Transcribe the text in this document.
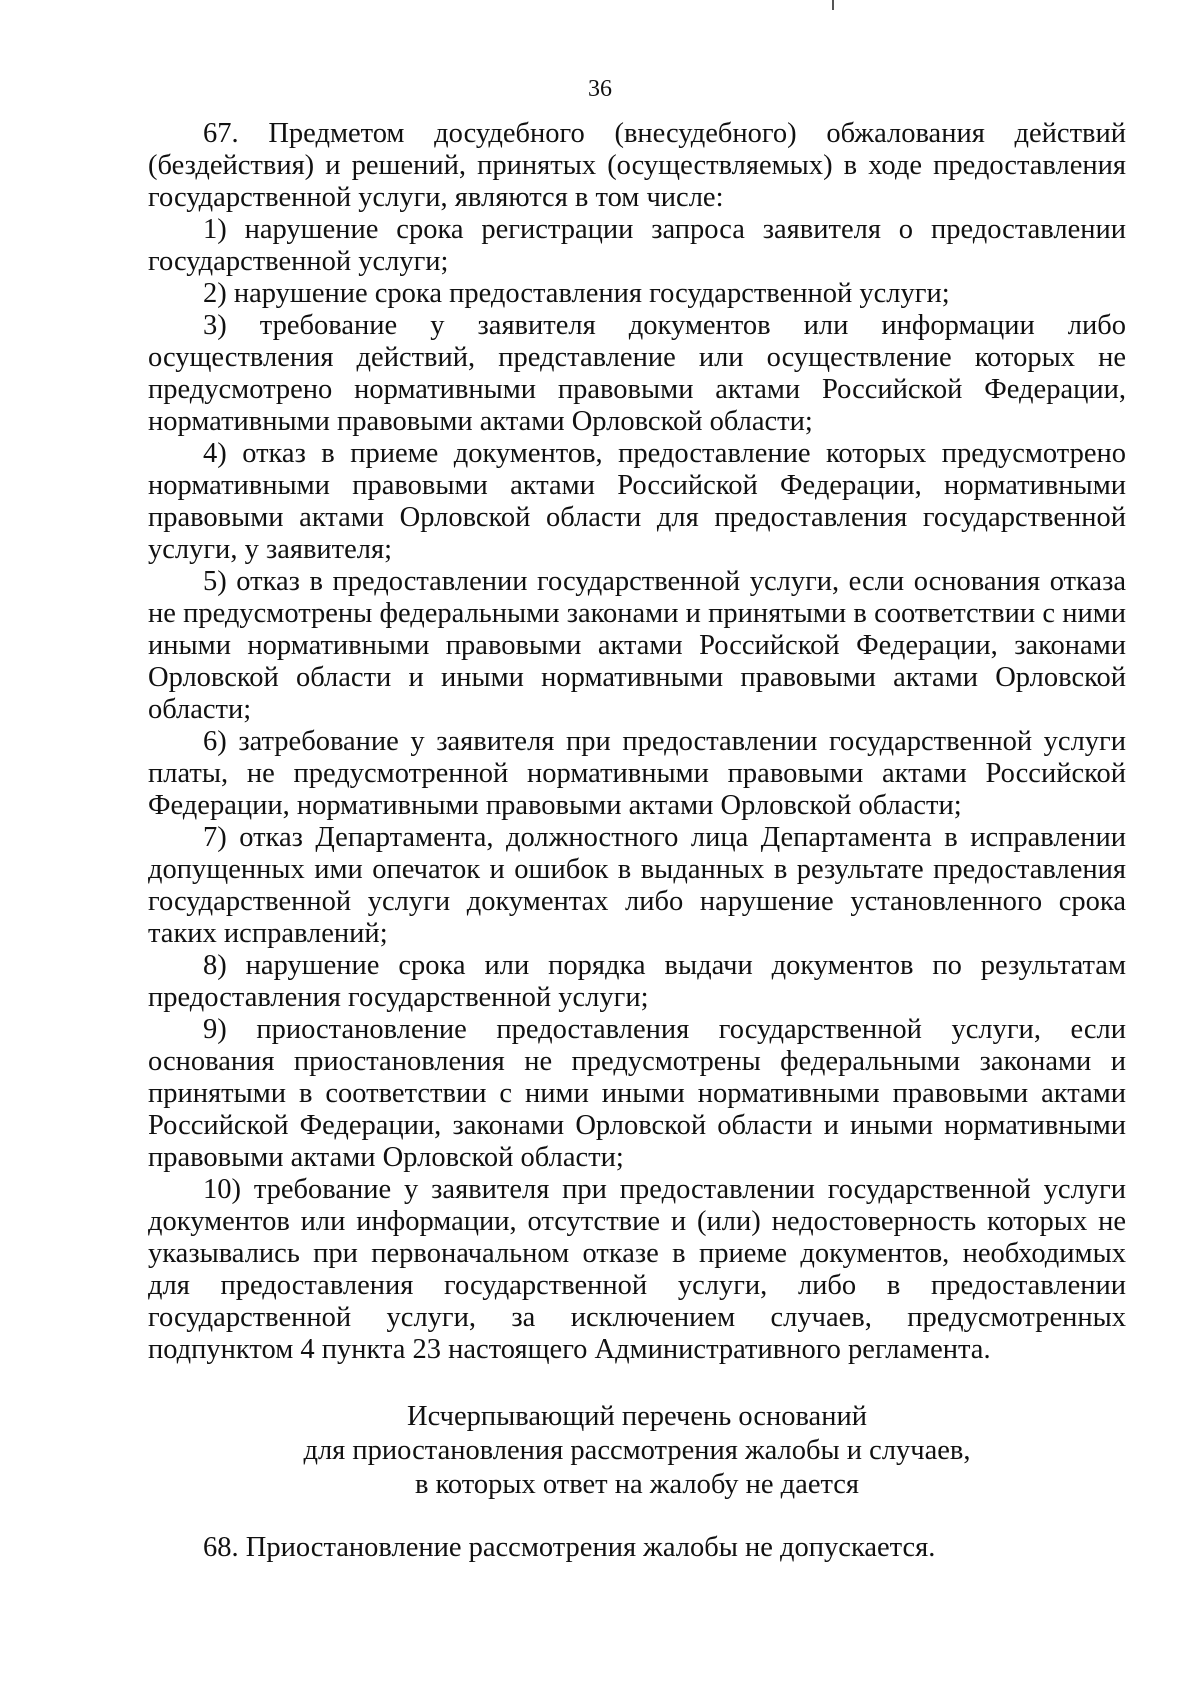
36

67. Предметом досудебного (внесудебного) обжалования действий (бездействия) и решений, принятых (осуществляемых) в ходе предоставления государственной услуги, являются в том числе:

1) нарушение срока регистрации запроса заявителя о предоставлении государственной услуги;

2) нарушение срока предоставления государственной услуги;

3) требование у заявителя документов или информации либо осуществления действий, представление или осуществление которых не предусмотрено нормативными правовыми актами Российской Федерации, нормативными правовыми актами Орловской области;

4) отказ в приеме документов, предоставление которых предусмотрено нормативными правовыми актами Российской Федерации, нормативными правовыми актами Орловской области для предоставления государственной услуги, у заявителя;

5) отказ в предоставлении государственной услуги, если основания отказа не предусмотрены федеральными законами и принятыми в соответствии с ними иными нормативными правовыми актами Российской Федерации, законами Орловской области и иными нормативными правовыми актами Орловской области;

6) затребование у заявителя при предоставлении государственной услуги платы, не предусмотренной нормативными правовыми актами Российской Федерации, нормативными правовыми актами Орловской области;

7) отказ Департамента, должностного лица Департамента в исправлении допущенных ими опечаток и ошибок в выданных в результате предоставления государственной услуги документах либо нарушение установленного срока таких исправлений;

8) нарушение срока или порядка выдачи документов по результатам предоставления государственной услуги;

9) приостановление предоставления государственной услуги, если основания приостановления не предусмотрены федеральными законами и принятыми в соответствии с ними иными нормативными правовыми актами Российской Федерации, законами Орловской области и иными нормативными правовыми актами Орловской области;

10) требование у заявителя при предоставлении государственной услуги документов или информации, отсутствие и (или) недостоверность которых не указывались при первоначальном отказе в приеме документов, необходимых для предоставления государственной услуги, либо в предоставлении государственной услуги, за исключением случаев, предусмотренных подпунктом 4 пункта 23 настоящего Административного регламента.

Исчерпывающий перечень оснований
для приостановления рассмотрения жалобы и случаев,
в которых ответ на жалобу не дается

68. Приостановление рассмотрения жалобы не допускается.
